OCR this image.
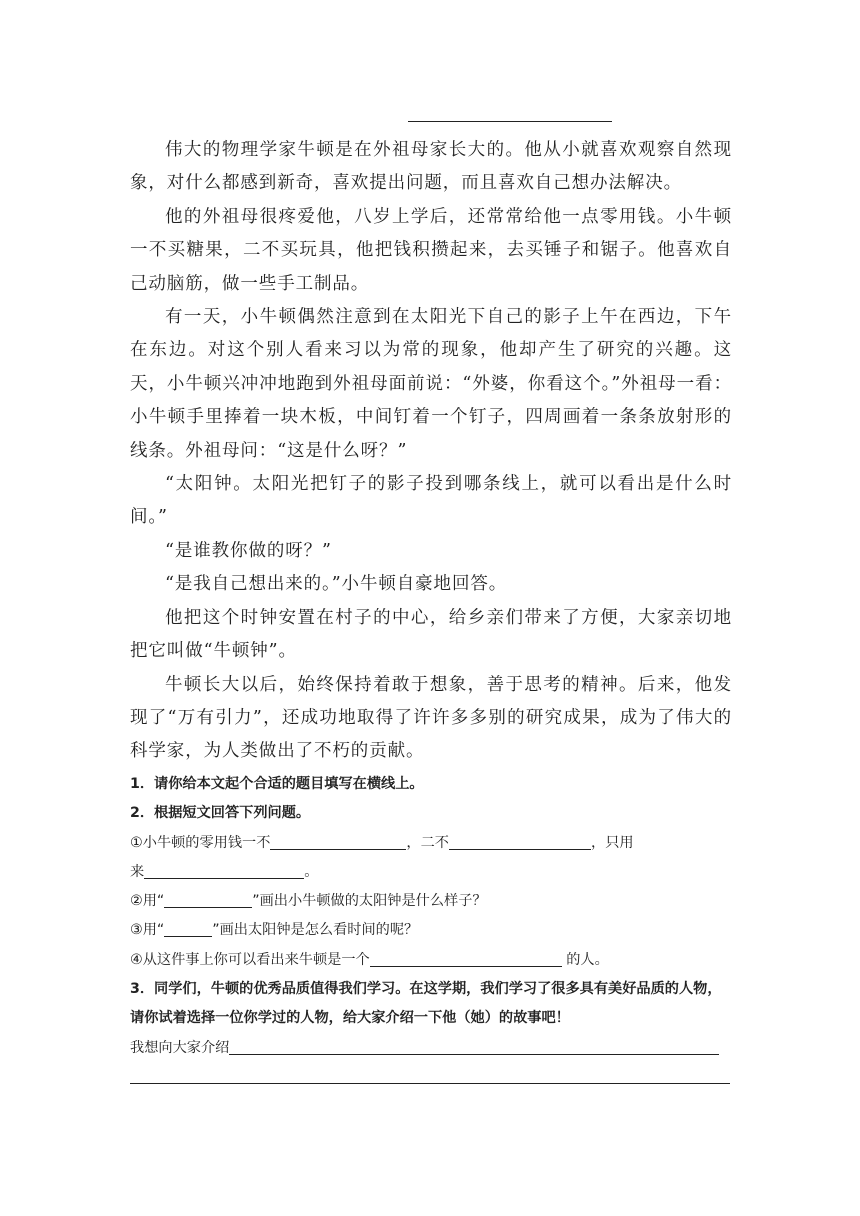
伟大的物理学家牛顿是在外祖母家长大的。他从小就喜欢观察自然现象，对什么都感到新奇，喜欢提出问题，而且喜欢自己想办法解决。

他的外祖母很疼爱他，八岁上学后，还常常给他一点零用钱。小牛顿一不买糖果，二不买玩具，他把钱积攒起来，去买锤子和锯子。他喜欢自己动脑筋，做一些手工制品。

有一天，小牛顿偶然注意到在太阳光下自己的影子上午在西边，下午在东边。对这个别人看来习以为常的现象，他却产生了研究的兴趣。这天，小牛顿兴冲冲地跑到外祖母面前说：“外婆，你看这个。”外祖母一看：小牛顿手里捧着一块木板，中间钉着一个钉子，四周画着一条条放射形的线条。外祖母问：“这是什么呀？”

“太阳钟。太阳光把钉子的影子投到哪条线上，就可以看出是什么时间。”

“是谁教你做的呀？”

“是我自己想出来的。”小牛顿自豪地回答。

他把这个时钟安置在村子的中心，给乡亲们带来了方便，大家亲切地把它叫做“牛顿钟”。

牛顿长大以后，始终保持着敢于想象，善于思考的精神。后来，他发现了“万有引力”，还成功地取得了许许多多别的研究成果，成为了伟大的科学家，为人类做出了不朽的贡献。

1．请你给本文起个合适的题目填写在横线上。

2．根据短文回答下列问题。

①小牛顿的零用钱一不	，二不	，只用

来	。

②用“	”画出小牛顿做的太阳钟是什么样子？

③用“	”画出太阳钟是怎么看时间的呢？

④从这件事上你可以看出来牛顿是一个	的人。

3．同学们，牛顿的优秀品质值得我们学习。在这学期，我们学习了很多具有美好品质的人物，请你试着选择一位你学过的人物，给大家介绍一下他（她）的故事吧！

我想向大家介绍
